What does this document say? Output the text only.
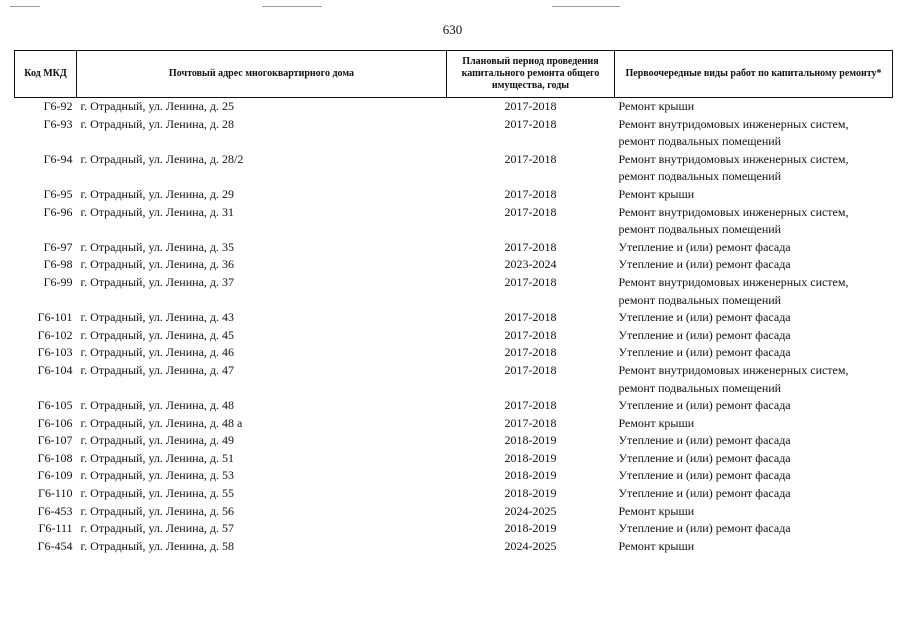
630
Код МКД	Почтовый адрес многоквартирного дома	Плановый период проведения капитального ремонта общего имущества, годы	Первоочередные виды работ по капитальному ремонту*
Г6-92	г. Отрадный, ул. Ленина, д. 25	2017-2018	Ремонт крыши

Г6-93	г. Отрадный, ул. Ленина, д. 28	2017-2018	Ремонт внутридомовых инженерных систем,
ремонт подвальных помещений

Г6-94	г. Отрадный, ул. Ленина, д. 28/2	2017-2018	Ремонт внутридомовых инженерных систем,
ремонт подвальных помещений

Г6-95	г. Отрадный, ул. Ленина, д. 29	2017-2018	Ремонт крыши

Г6-96	г. Отрадный, ул. Ленина, д. 31	2017-2018	Ремонт внутридомовых инженерных систем,
ремонт подвальных помещений

Г6-97	г. Отрадный, ул. Ленина, д. 35	2017-2018	Утепление и (или) ремонт фасада

Г6-98	г. Отрадный, ул. Ленина, д. 36	2023-2024	Утепление и (или) ремонт фасада

Г6-99	г. Отрадный, ул. Ленина, д. 37	2017-2018	Ремонт внутридомовых инженерных систем,
ремонт подвальных помещений

Г6-101	г. Отрадный, ул. Ленина, д. 43	2017-2018	Утепление и (или) ремонт фасада

Г6-102	г. Отрадный, ул. Ленина, д. 45	2017-2018	Утепление и (или) ремонт фасада

Г6-103	г. Отрадный, ул. Ленина, д. 46	2017-2018	Утепление и (или) ремонт фасада

Г6-104	г. Отрадный, ул. Ленина, д. 47	2017-2018	Ремонт внутридомовых инженерных систем,
ремонт подвальных помещений

Г6-105	г. Отрадный, ул. Ленина, д. 48	2017-2018	Утепление и (или) ремонт фасада

Г6-106	г. Отрадный, ул. Ленина, д. 48 а	2017-2018	Ремонт крыши

Г6-107	г. Отрадный, ул. Ленина, д. 49	2018-2019	Утепление и (или) ремонт фасада

Г6-108	г. Отрадный, ул. Ленина, д. 51	2018-2019	Утепление и (или) ремонт фасада

Г6-109	г. Отрадный, ул. Ленина, д. 53	2018-2019	Утепление и (или) ремонт фасада

Г6-110	г. Отрадный, ул. Ленина, д. 55	2018-2019	Утепление и (или) ремонт фасада

Г6-453	г. Отрадный, ул. Ленина, д. 56	2024-2025	Ремонт крыши

Г6-111	г. Отрадный, ул. Ленина, д. 57	2018-2019	Утепление и (или) ремонт фасада

Г6-454	г. Отрадный, ул. Ленина, д. 58	2024-2025	Ремонт крыши
